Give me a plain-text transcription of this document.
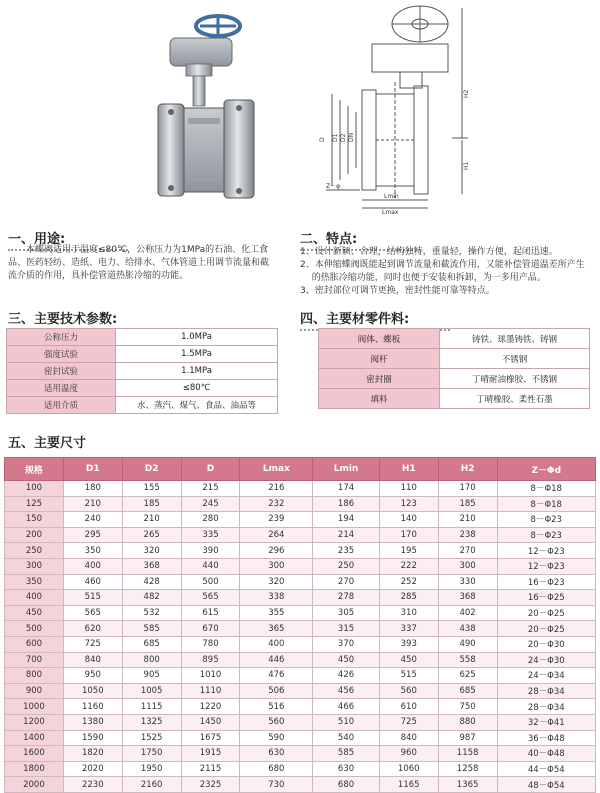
D D1 D2 DN
H2
H1
Lmin
Lmax
Z－φ
一、用途:
本蝶阀适用于温度≤80℃，公称压力为1MPa的石油、化工食品、医药轻纺、造纸、电力、给排水、气体管道上用调节流量和截流介质的作用，具补偿管道热胀冷缩的功能。
二、特点:
1、设计新颖、合理，结构独特，重量轻，操作方便，起闭迅速。
2、本伸缩蝶阀既能起到调节流量和截流作用，又能补偿管道温差所产生的热胀冷缩功能，同时也便于安装和拆卸，为一多用产品。
3、密封部位可调节更换，密封性能可靠等特点。
三、主要技术参数:
公称压力	1.0MPa
强度试验	1.5MPa
密封试验	1.1MPa
适用温度	≤80℃
适用介质	水、蒸汽、煤气、食品、油品等
四、主要材零件料:
阀体、蝶板	铸铁、球墨铸铁、铸钢
阀杆	不锈钢
密封圈	丁晴耐油橡胶、不锈钢
填料	丁晴橡胶、柔性石墨
五、主要尺寸
规格	D1	D2	D	Lmax	Lmin	H1	H2	Z－Φd
100	180	155	215	216	174	110	170	8－Φ18
125	210	185	245	232	186	123	185	8－Φ18
150	240	210	280	239	194	140	210	8－Φ23
200	295	265	335	264	214	170	238	8－Φ23
250	350	320	390	296	235	195	270	12－Φ23
300	400	368	440	300	250	222	300	12－Φ23
350	460	428	500	320	270	252	330	16－Φ23
400	515	482	565	338	278	285	368	16－Φ25
450	565	532	615	355	305	310	402	20－Φ25
500	620	585	670	365	315	337	438	20－Φ25
600	725	685	780	400	370	393	490	20－Φ30
700	840	800	895	446	450	450	558	24－Φ30
800	950	905	1010	476	426	515	625	24－Φ34
900	1050	1005	1110	506	456	560	685	28－Φ34
1000	1160	1115	1220	516	466	610	750	28－Φ34
1200	1380	1325	1450	560	510	725	880	32－Φ41
1400	1590	1525	1675	590	540	840	987	36－Φ48
1600	1820	1750	1915	630	585	960	1158	40－Φ48
1800	2020	1950	2115	680	630	1060	1258	44－Φ54
2000	2230	2160	2325	730	680	1165	1365	48－Φ54
